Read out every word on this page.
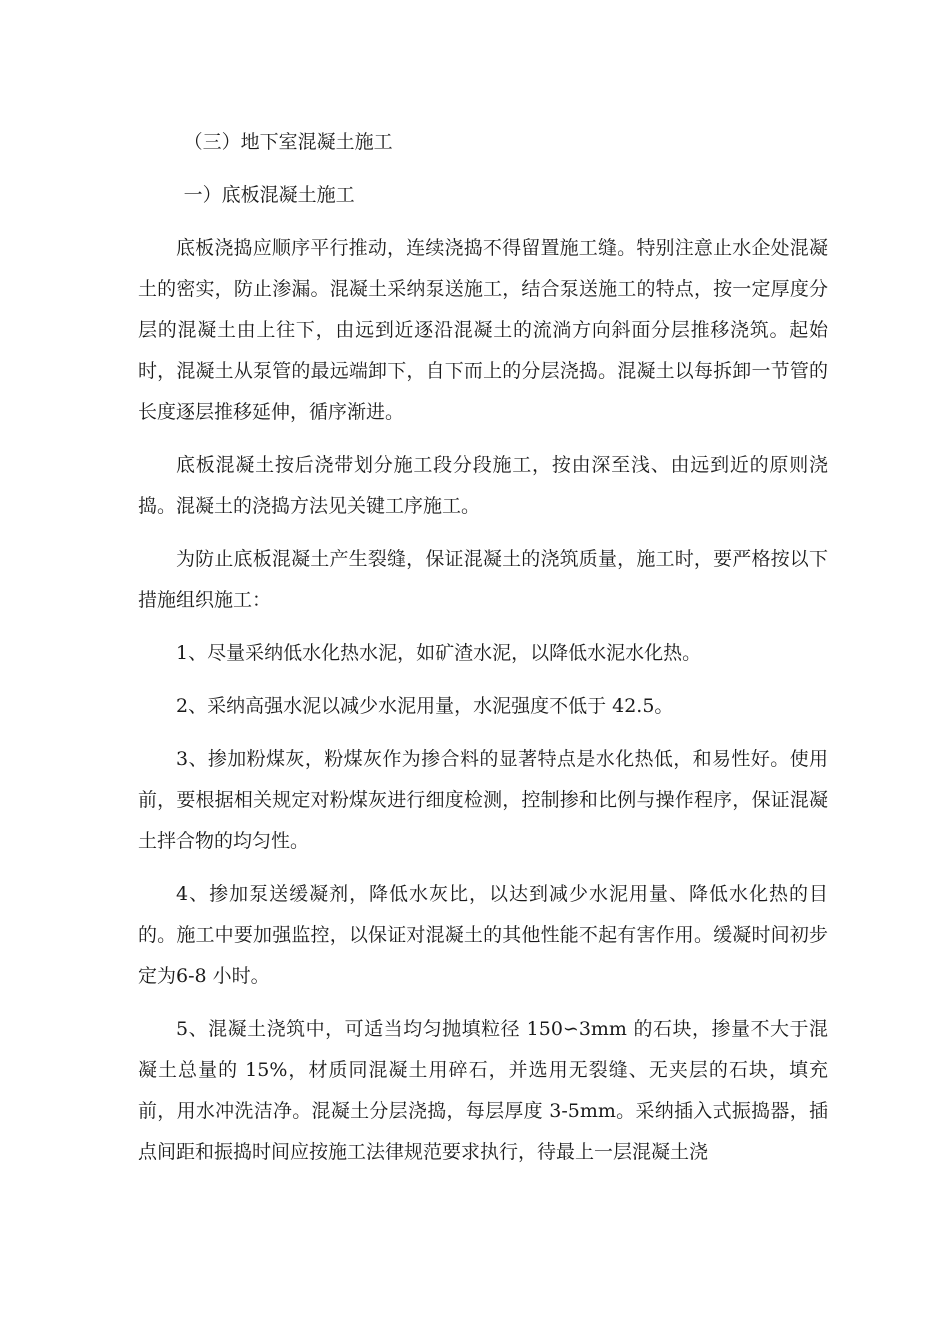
（三）地下室混凝土施工

一）底板混凝土施工

底板浇捣应顺序平行推动，连续浇捣不得留置施工缝。特别注意止水企处混凝土的密实，防止渗漏。混凝土采纳泵送施工，结合泵送施工的特点，按一定厚度分层的混凝土由上往下，由远到近逐沿混凝土的流淌方向斜面分层推移浇筑。起始时，混凝土从泵管的最远端卸下，自下而上的分层浇捣。混凝土以每拆卸一节管的长度逐层推移延伸，循序渐进。

底板混凝土按后浇带划分施工段分段施工，按由深至浅、由远到近的原则浇捣。混凝土的浇捣方法见关键工序施工。

为防止底板混凝土产生裂缝，保证混凝土的浇筑质量，施工时，要严格按以下措施组织施工：

1、尽量采纳低水化热水泥，如矿渣水泥，以降低水泥水化热。

2、采纳高强水泥以减少水泥用量，水泥强度不低于 42.5。

3、掺加粉煤灰，粉煤灰作为掺合料的显著特点是水化热低，和易性好。使用前，要根据相关规定对粉煤灰进行细度检测，控制掺和比例与操作程序，保证混凝土拌合物的均匀性。

4、掺加泵送缓凝剂，降低水灰比，以达到减少水泥用量、降低水化热的目的。施工中要加强监控，以保证对混凝土的其他性能不起有害作用。缓凝时间初步定为6-8 小时。

5、混凝土浇筑中，可适当均匀抛填粒径 150∽3mm 的石块，掺量不大于混凝土总量的 15%，材质同混凝土用碎石，并选用无裂缝、无夹层的石块，填充前，用水冲洗洁净。混凝土分层浇捣，每层厚度 3-5mm。采纳插入式振捣器，插点间距和振捣时间应按施工法律规范要求执行，待最上一层混凝土浇
